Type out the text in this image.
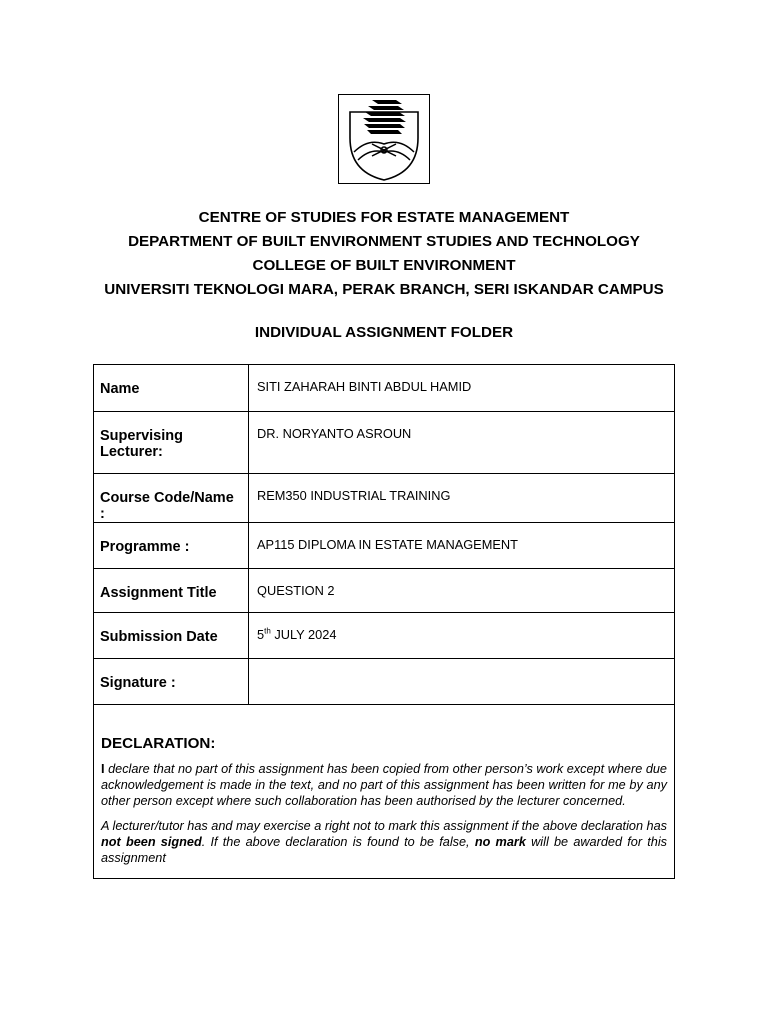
CENTRE OF STUDIES FOR ESTATE MANAGEMENT
DEPARTMENT OF BUILT ENVIRONMENT STUDIES AND TECHNOLOGY
COLLEGE OF BUILT ENVIRONMENT
UNIVERSITI TEKNOLOGI MARA, PERAK BRANCH, SERI ISKANDAR CAMPUS
INDIVIDUAL ASSIGNMENT FOLDER
Name	SITI ZAHARAH BINTI ABDUL HAMID

Supervising
Lecturer:	DR. NORYANTO ASROUN

Course Code/Name :	REM350 INDUSTRIAL TRAINING

Programme :	AP115 DIPLOMA IN ESTATE MANAGEMENT

Assignment Title	QUESTION 2

Submission Date	5th JULY 2024

Signature :	

DECLARATION:

I declare that no part of this assignment has been copied from other person’s work except where due acknowledgement is made in the text, and no part of this assignment has been written for me by any other person except where such collaboration has been authorised by the lecturer concerned.

A lecturer/tutor has and may exercise a right not to mark this assignment if the above declaration has not been signed. If the above declaration is found to be false, no mark will be awarded for this assignment	
